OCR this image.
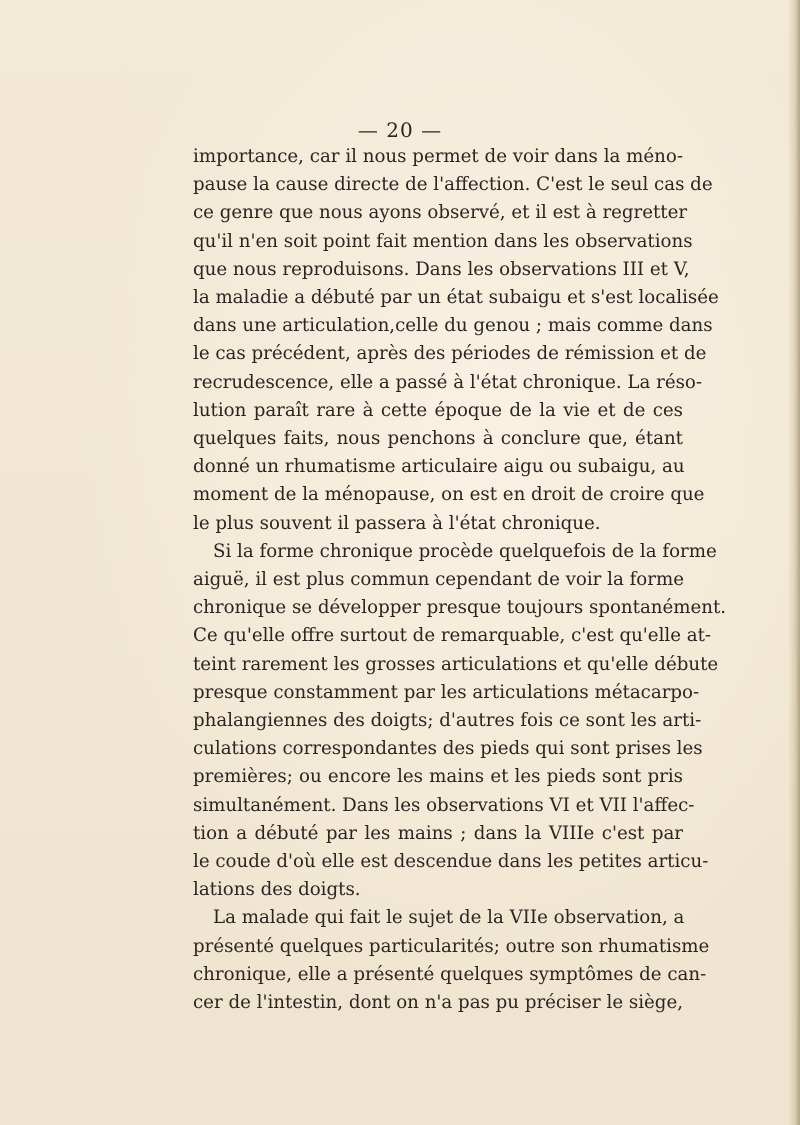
— 20 —
importance, car il nous permet de voir dans la méno-
pause la cause directe de l'affection. C'est le seul cas de
ce genre que nous ayons observé, et il est à regretter
qu'il n'en soit point fait mention dans les observations
que nous reproduisons. Dans les observations III et V,
la maladie a débuté par un état subaigu et s'est localisée
dans une articulation,celle du genou ; mais comme dans
le cas précédent, après des périodes de rémission et de
recrudescence, elle a passé à l'état chronique. La réso-
lution paraît rare à cette époque de la vie et de ces
quelques faits, nous penchons à conclure que, étant
donné un rhumatisme articulaire aigu ou subaigu, au
moment de la ménopause, on est en droit de croire que
le plus souvent il passera à l'état chronique.
Si la forme chronique procède quelquefois de la forme
aiguë, il est plus commun cependant de voir la forme
chronique se développer presque toujours spontanément.
Ce qu'elle offre surtout de remarquable, c'est qu'elle at-
teint rarement les grosses articulations et qu'elle débute
presque constamment par les articulations métacarpo-
phalangiennes des doigts; d'autres fois ce sont les arti-
culations correspondantes des pieds qui sont prises les
premières; ou encore les mains et les pieds sont pris
simultanément. Dans les observations VI et VII l'affec-
tion a débuté par les mains ; dans la VIIIe c'est par
le coude d'où elle est descendue dans les petites articu-
lations des doigts.
La malade qui fait le sujet de la VIIe observation, a
présenté quelques particularités; outre son rhumatisme
chronique, elle a présenté quelques symptômes de can-
cer de l'intestin, dont on n'a pas pu préciser le siège,
